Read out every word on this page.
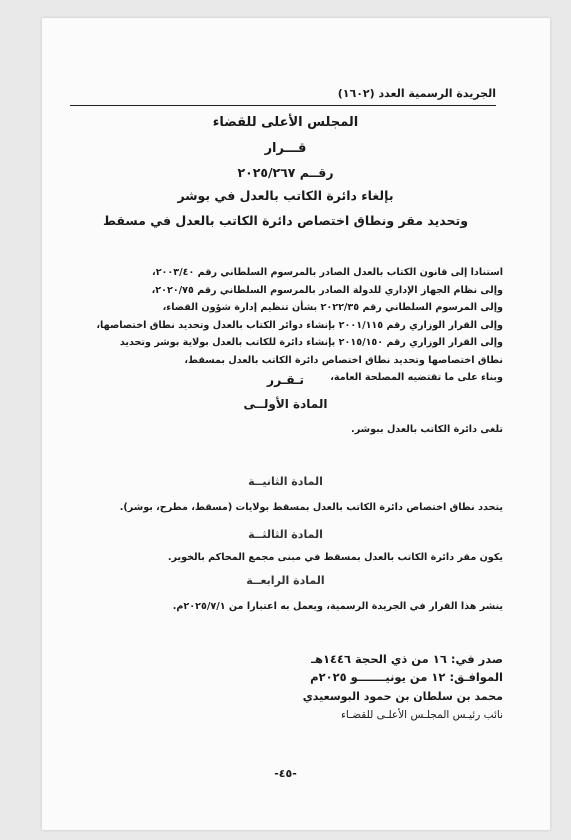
الجريدة الرسمية العدد (١٦٠٢)
المجلس الأعلى للقضاء
قـــرار
رقــم ٢٠٢٥/٢٦٧
بإلغاء دائرة الكاتب بالعدل في بوشر
وتحديد مقر ونطاق اختصاص دائرة الكاتب بالعدل في مسقط
استنادا إلى قانون الكتاب بالعدل الصادر بالمرسوم السلطاني رقم ٢٠٠٣/٤٠،
وإلى نظام الجهاز الإداري للدولة الصادر بالمرسوم السلطاني رقم ٢٠٢٠/٧٥،
وإلى المرسوم السلطاني رقم ٢٠٢٢/٣٥ بشأن تنظيم إدارة شؤون القضاء،
وإلى القرار الوزاري رقم ٢٠٠١/١١٥ بإنشاء دوائر الكتاب بالعدل وتحديد نطاق اختصاصها،
وإلى القرار الوزاري رقم ٢٠١٥/١٥٠ بإنشاء دائرة للكاتب بالعدل بولاية بوشر وتحديد
نطاق اختصاصها وتحديد نطاق اختصاص دائرة الكاتب بالعدل بمسقط،
وبناء على ما تقتضيه المصلحة العامة،
تـقـرر
المادة الأولــى
تلغى دائرة الكاتب بالعدل ببوشر.
المادة الثانيــة
يتحدد نطاق اختصاص دائرة الكاتب بالعدل بمسقط بولايات (مسقط، مطرح، بوشر).
المادة الثالثــة
يكون مقر دائرة الكاتب بالعدل بمسقط في مبنى مجمع المحاكم بالخوير.
المادة الرابعــة
ينشر هذا القرار في الجريدة الرسمية، ويعمل به اعتبارا من ٢٠٢٥/٧/١م.
صدر في: ١٦ من ذي الحجة ١٤٤٦هـ
الموافـق: ١٢ من يونيـــــــو ٢٠٢٥م
محمد بن سلطان بن حمود البوسعيدي
نائب رئيـس المجلـس الأعلـى للقضـاء
-٤٥-
